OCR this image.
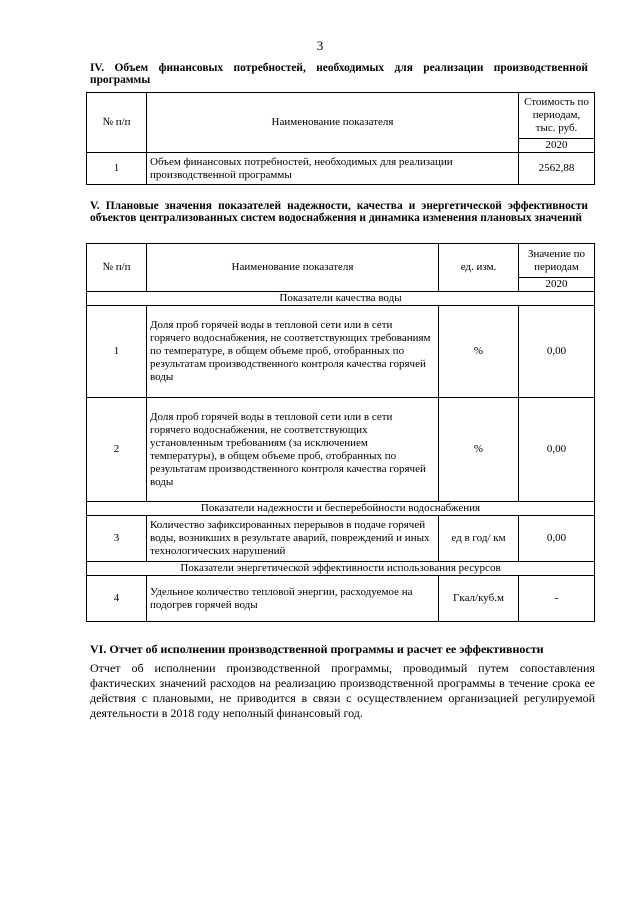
3
IV. Объем финансовых потребностей, необходимых для реализации производственной программы
№ п/п	Наименование показателя	Стоимость по периодам, тыс. руб.
		2020
1	Объем финансовых потребностей, необходимых для реализации производственной программы	2562,88
V. Плановые значения показателей надежности, качества и энергетической эффективности объектов централизованных систем водоснабжения и динамика изменения плановых значений
№ п/п	Наименование показателя	ед. изм.	Значение по периодам
			2020
Показатели качества воды			
1	Доля проб горячей воды в тепловой сети или в сети горячего водоснабжения, не соответствующих требованиям по температуре, в общем объеме проб, отобранных по результатам производственного контроля качества горячей воды	%	0,00
2	Доля проб горячей воды в тепловой сети или в сети горячего водоснабжения, не соответствующих установленным требованиям (за исключением температуры), в общем объеме проб, отобранных по результатам производственного контроля качества горячей воды	%	0,00
Показатели надежности и бесперебойности водоснабжения			
3	Количество зафиксированных перерывов в подаче горячей воды, возникших в результате аварий, повреждений и иных технологических нарушений	ед в год/ км	0,00
Показатели энергетической эффективности использования ресурсов			
4	Удельное количество тепловой энергии, расходуемое на подогрев горячей воды	Гкал/куб.м	-
VI. Отчет об исполнении производственной программы и расчет ее эффективности
Отчет об исполнении производственной программы, проводимый путем сопоставления фактических значений расходов на реализацию производственной программы в течение срока ее действия с плановыми, не приводится в связи с осуществлением организацией регулируемой деятельности в 2018 году неполный финансовый год.
